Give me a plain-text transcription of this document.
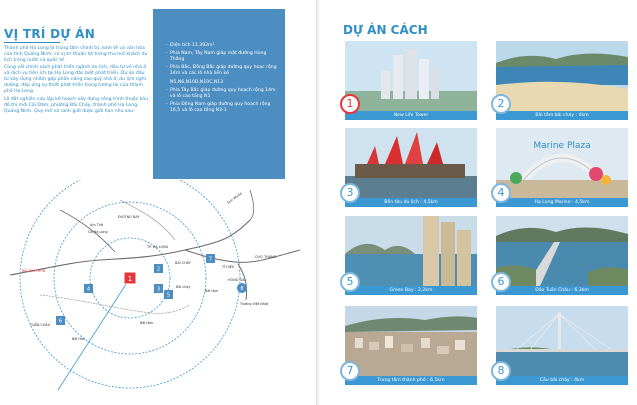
VỊ TRÍ DỰ ÁN

Thành phố Hạ Long là trung tâm chính trị, kinh tế và văn hóa của tỉnh Quảng Ninh, có vị trí thuận lợi trong thu hút khách du lịch trong nước và quốc tế.

Cùng với chính sách phát triển ngành du lịch, đầu tư về nhà ở và dịch vụ tiện ích tại Hạ Long đặc biệt phát triển. Dự án đầu tư xây dựng nhằm góp phần nâng cao quỹ nhà ở, du lịch nghỉ dưỡng, đáp ứng sự thiết phát triển trong tương lai của thành phố Hạ Long.

Lô đất nghiên cứu lập kế hoạch xây dựng công trình thuộc khu đô thị mới Cái Dăm, phường Bãi Cháy, thành phố Hạ Long, Quảng Ninh. Quy mô và ranh giới được giới hạn như sau:

- Diện tích 11.392m²
- Phía Nam, Tây Nam giáp mặt đường Hùng Thắng
- Phía Bắc, Đông Bắc giáp đường quy hoạc rộng 14m và các lô nhà liền kề
N5,N6,N10D,N10C,N13
- Phía Tây Bắc giáp đường quy hoạch rộng 14m và lô cao tầng N1
- Phía Đông Nam giáp đường quy hoạch rộng 16,5 và lô cao tầng N3-1
ĐƯỜNG BAY
Am Thờ
Ga Hạ Long
TP. HẠ LONG
BÃI CHÁY
Bãi cháy
CHỢ THÁNG
TUẦN CHÂU
HÒNG GAI
Trường Việt Nhật
TỈ HIỆU
Sun World
Bãi tắm
Bãi tắm
Bãi tắm
BÃI TÀM THÔN
1
2
3
4
5
6
7
8
DỰ ÁN CÁCH
New Life Tower
1
Bãi tắm bãi cháy : 4km
2
Bến tàu du lịch : 4,5km
3
Marine Plaza
Hạ Long Marine : 4,5km
4
Green Bay : 2,2km
5
Đảo Tuần Châu : 6,3km
6
Trung tâm thành phố : 6,1km
7
Cầu bãi cháy : 4km
8
